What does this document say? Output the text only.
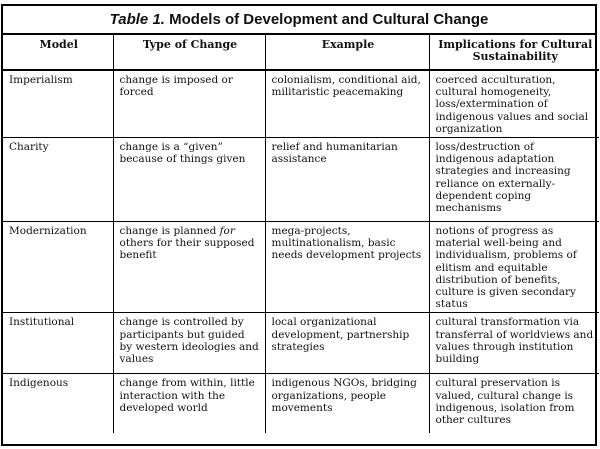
Table 1. Models of Development and Cultural Change
Model	Type of Change	Example	Implications for Cultural Sustainability
Imperialism	change is imposed or forced	colonialism, conditional aid, militaristic peacemaking	coerced acculturation, cultural homogeneity, loss/extermination of indigenous values and social organization
Charity	change is a “given” because of things given	relief and humanitarian assistance	loss/destruction of indigenous adaptation strategies and increasing reliance on externally-dependent coping mechanisms
Modernization	change is planned for others for their supposed benefit	mega-projects, multinationalism, basic needs development projects	notions of progress as material well-being and individualism, problems of elitism and equitable distribution of benefits, culture is given secondary status
Institutional	change is controlled by participants but guided by western ideologies and values	local organizational development, partnership strategies	cultural transformation via transferral of worldviews and values through institution building
Indigenous	change from within, little interaction with the developed world	indigenous NGOs, bridging organizations, people movements	cultural preservation is valued, cultural change is indigenous, isolation from other cultures
